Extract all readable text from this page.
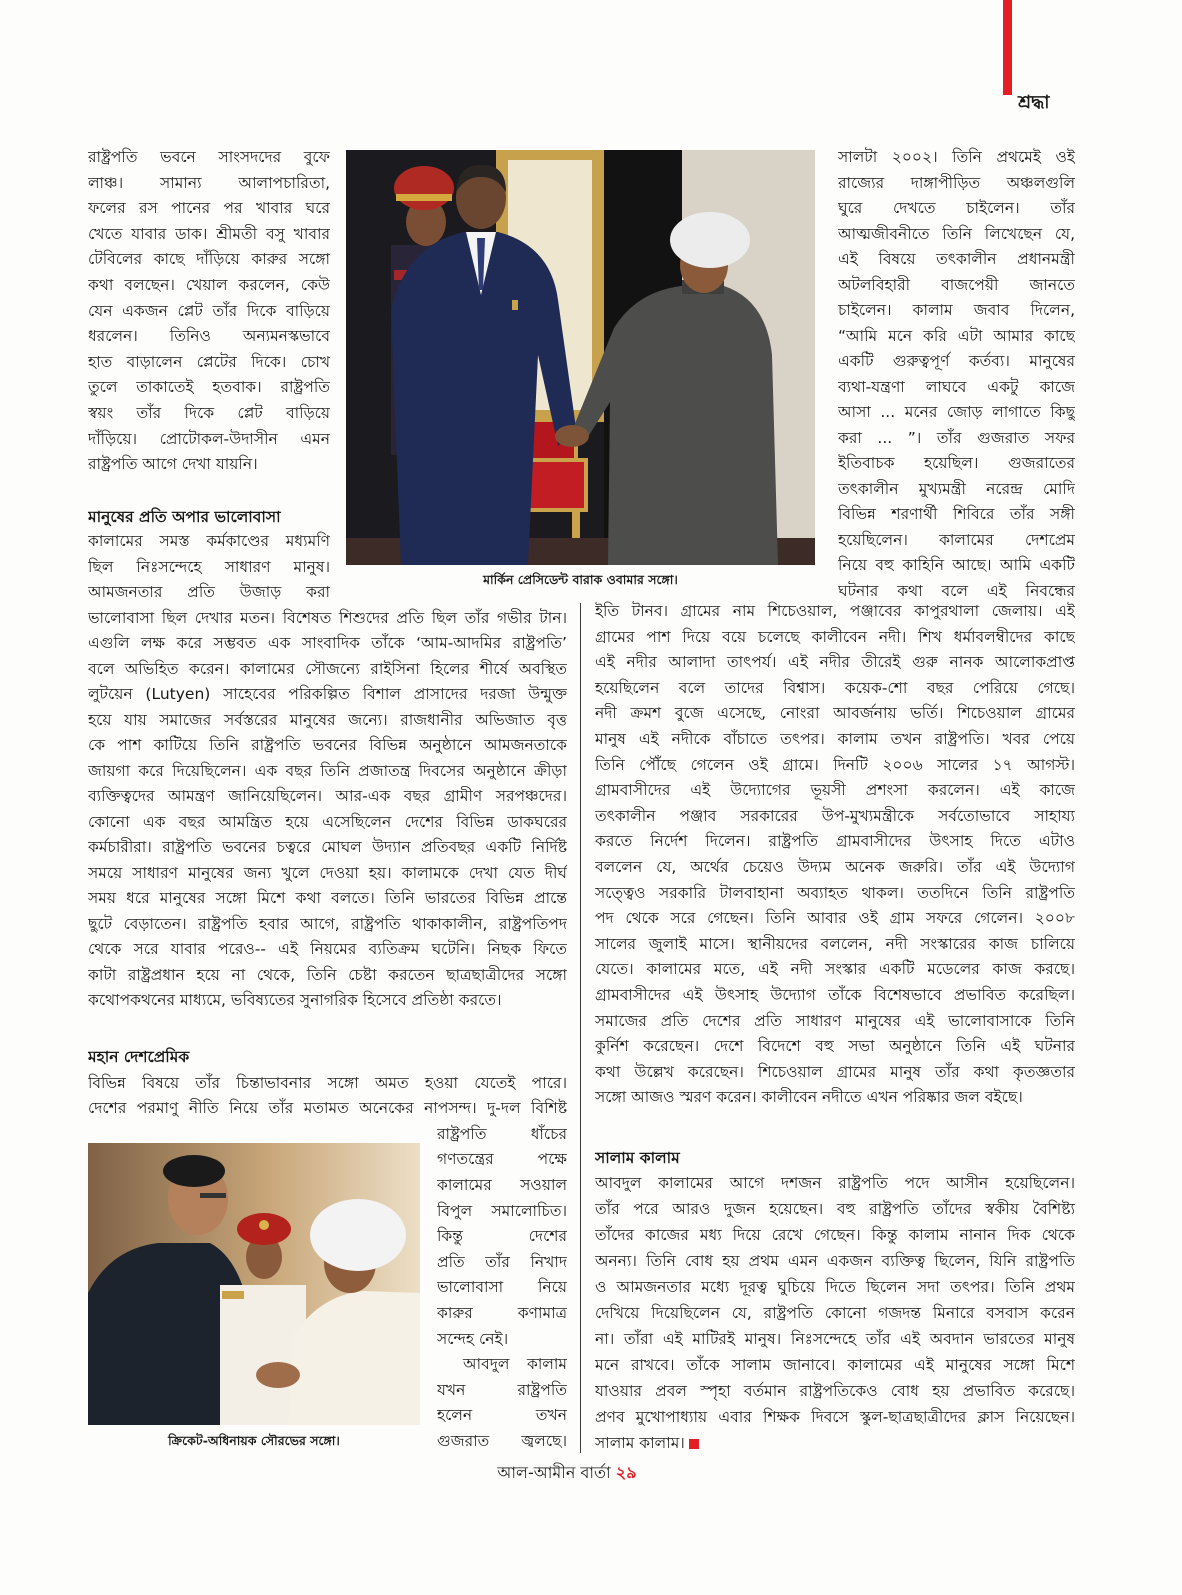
শ্রদ্ধা
রাষ্ট্রপতি ভবনে সাংসদদের বুফে
লাঞ্চ। সামান্য আলাপচারিতা,
ফলের রস পানের পর খাবার ঘরে
খেতে যাবার ডাক। শ্রীমতী বসু খাবার
টেবিলের কাছে দাঁড়িয়ে কারুর সঙ্গো
কথা বলছেন। খেয়াল করলেন, কেউ
যেন একজন প্লেট তাঁর দিকে বাড়িয়ে
ধরলেন। তিনিও অন্যমনস্কভাবে
হাত বাড়ালেন প্লেটের দিকে। চোখ
তুলে তাকাতেই হতবাক। রাষ্ট্রপতি
স্বয়ং তাঁর দিকে প্লেট বাড়িয়ে
দাঁড়িয়ে। প্রোটোকল-উদাসীন এমন
রাষ্ট্রপতি আগে দেখা যায়নি।
মার্কিন প্রেসিডেন্ট বারাক ওবামার সঙ্গো।
সালটা ২০০২। তিনি প্রথমেই ওই
রাজ্যের দাঙ্গাপীড়িত অঞ্চলগুলি
ঘুরে দেখতে চাইলেন। তাঁর
আত্মজীবনীতে তিনি লিখেছেন যে,
এই বিষয়ে তৎকালীন প্রধানমন্ত্রী
অটলবিহারী বাজপেয়ী জানতে
চাইলেন। কালাম জবাব দিলেন,
“আমি মনে করি এটা আমার কাছে
একটি গুরুত্বপূর্ণ কর্তব্য। মানুষের
ব্যথা-যন্ত্রণা লাঘবে একটু কাজে
আসা ... মনের জোড় লাগাতে কিছু
করা ... ”। তাঁর গুজরাত সফর
ইতিবাচক হয়েছিল। গুজরাতের
তৎকালীন মুখ্যমন্ত্রী নরেন্দ্র মোদি
বিভিন্ন শরণার্থী শিবিরে তাঁর সঙ্গী
হয়েছিলেন। কালামের দেশপ্রেম
নিয়ে বহু কাহিনি আছে। আমি একটি
ঘটনার কথা বলে এই নিবন্ধের
মানুষের প্রতি অপার ভালোবাসা
কালামের সমস্ত কর্মকাণ্ডের মধ্যমণি
ছিল নিঃসন্দেহে সাধারণ মানুষ।
আমজনতার প্রতি উজাড় করা
ভালোবাসা ছিল দেখার মতন। বিশেষত শিশুদের প্রতি ছিল তাঁর গভীর টান।
এগুলি লক্ষ করে সম্ভবত এক সাংবাদিক তাঁকে ‘আম-আদমির রাষ্ট্রপতি’
বলে অভিহিত করেন। কালামের সৌজন্যে রাইসিনা হিলের শীর্ষে অবস্থিত
লুটয়েন (Lutyen) সাহেবের পরিকল্পিত বিশাল প্রাসাদের দরজা উন্মুক্ত
হয়ে যায় সমাজের সর্বস্তরের মানুষের জন্যে। রাজধানীর অভিজাত বৃত্ত
কে পাশ কাটিয়ে তিনি রাষ্ট্রপতি ভবনের বিভিন্ন অনুষ্ঠানে আমজনতাকে
জায়গা করে দিয়েছিলেন। এক বছর তিনি প্রজাতন্ত্র দিবসের অনুষ্ঠানে ক্রীড়া
ব্যক্তিত্বদের আমন্ত্রণ জানিয়েছিলেন। আর-এক বছর গ্রামীণ সরপঞ্চদের।
কোনো এক বছর আমন্ত্রিত হয়ে এসেছিলেন দেশের বিভিন্ন ডাকঘরের
কর্মচারীরা। রাষ্ট্রপতি ভবনের চত্বরে মোঘল উদ্যান প্রতিবছর একটি নির্দিষ্ট
সময়ে সাধারণ মানুষের জন্য খুলে দেওয়া হয়। কালামকে দেখা যেত দীর্ঘ
সময় ধরে মানুষের সঙ্গো মিশে কথা বলতে। তিনি ভারতের বিভিন্ন প্রান্তে
ছুটে বেড়াতেন। রাষ্ট্রপতি হবার আগে, রাষ্ট্রপতি থাকাকালীন, রাষ্ট্রপতিপদ
থেকে সরে যাবার পরেও-- এই নিয়মের ব্যতিক্রম ঘটেনি। নিছক ফিতে
কাটা রাষ্ট্রপ্রধান হয়ে না থেকে, তিনি চেষ্টা করতেন ছাত্রছাত্রীদের সঙ্গো
কথোপকথনের মাধ্যমে, ভবিষ্যতের সুনাগরিক হিসেবে প্রতিষ্ঠা করতে।
ইতি টানব। গ্রামের নাম শিচেওয়াল, পঞ্জাবের কাপুরথালা জেলায়। এই
গ্রামের পাশ দিয়ে বয়ে চলেছে কালীবেন নদী। শিখ ধর্মাবলম্বীদের কাছে
এই নদীর আলাদা তাৎপর্য। এই নদীর তীরেই গুরু নানক আলোকপ্রাপ্ত
হয়েছিলেন বলে তাদের বিশ্বাস। কয়েক-শো বছর পেরিয়ে গেছে।
নদী ক্রমশ বুজে এসেছে, নোংরা আবর্জনায় ভর্তি। শিচেওয়াল গ্রামের
মানুষ এই নদীকে বাঁচাতে তৎপর। কালাম তখন রাষ্ট্রপতি। খবর পেয়ে
তিনি পৌঁছে গেলেন ওই গ্রামে। দিনটি ২০০৬ সালের ১৭ আগস্ট।
গ্রামবাসীদের এই উদ্যোগের ভূয়সী প্রশংসা করলেন। এই কাজে
তৎকালীন পঞ্জাব সরকারের উপ-মুখ্যমন্ত্রীকে সর্বতোভাবে সাহায্য
করতে নির্দেশ দিলেন। রাষ্ট্রপতি গ্রামবাসীদের উৎসাহ দিতে এটাও
বললেন যে, অর্থের চেয়েও উদ্যম অনেক জরুরি। তাঁর এই উদ্যোগ
সত্ত্বেও সরকারি টালবাহানা অব্যাহত থাকল। ততদিনে তিনি রাষ্ট্রপতি
পদ থেকে সরে গেছেন। তিনি আবার ওই গ্রাম সফরে গেলেন। ২০০৮
সালের জুলাই মাসে। স্থানীয়দের বললেন, নদী সংস্কারের কাজ চালিয়ে
যেতে। কালামের মতে, এই নদী সংস্কার একটি মডেলের কাজ করছে।
গ্রামবাসীদের এই উৎসাহ উদ্যোগ তাঁকে বিশেষভাবে প্রভাবিত করেছিল।
সমাজের প্রতি দেশের প্রতি সাধারণ মানুষের এই ভালোবাসাকে তিনি
কুর্নিশ করেছেন। দেশে বিদেশে বহু সভা অনুষ্ঠানে তিনি এই ঘটনার
কথা উল্লেখ করেছেন। শিচেওয়াল গ্রামের মানুষ তাঁর কথা কৃতজ্ঞতার
সঙ্গো আজও স্মরণ করেন। কালীবেন নদীতে এখন পরিষ্কার জল বইছে।
মহান দেশপ্রেমিক
বিভিন্ন বিষয়ে তাঁর চিন্তাভাবনার সঙ্গো অমত হওয়া যেতেই পারে।
দেশের পরমাণু নীতি নিয়ে তাঁর মতামত অনেকের নাপসন্দ। দু-দল বিশিষ্ট
রাষ্ট্রপতি ধাঁচের
গণতন্ত্রের পক্ষে
কালামের সওয়াল
বিপুল সমালোচিত।
কিন্তু দেশের
প্রতি তাঁর নিখাদ
ভালোবাসা নিয়ে
কারুর কণামাত্র
সন্দেহ নেই।
আবদুল কালাম
যখন রাষ্ট্রপতি
হলেন তখন
গুজরাত জ্বলছে।
ক্রিকেট-অধিনায়ক সৌরভের সঙ্গো।
সালাম কালাম
আবদুল কালামের আগে দশজন রাষ্ট্রপতি পদে আসীন হয়েছিলেন।
তাঁর পরে আরও দুজন হয়েছেন। বহু রাষ্ট্রপতি তাঁদের স্বকীয় বৈশিষ্ট্য
তাঁদের কাজের মধ্য দিয়ে রেখে গেছেন। কিন্তু কালাম নানান দিক থেকে
অনন্য। তিনি বোধ হয় প্রথম এমন একজন ব্যক্তিত্ব ছিলেন, যিনি রাষ্ট্রপতি
ও আমজনতার মধ্যে দূরত্ব ঘুচিয়ে দিতে ছিলেন সদা তৎপর। তিনি প্রথম
দেখিয়ে দিয়েছিলেন যে, রাষ্ট্রপতি কোনো গজদন্ত মিনারে বসবাস করেন
না। তাঁরা এই মাটিরই মানুষ। নিঃসন্দেহে তাঁর এই অবদান ভারতের মানুষ
মনে রাখবে। তাঁকে সালাম জানাবে। কালামের এই মানুষের সঙ্গো মিশে
যাওয়ার প্রবল স্পৃহা বর্তমান রাষ্ট্রপতিকেও বোধ হয় প্রভাবিত করেছে।
প্রণব মুখোপাধ্যায় এবার শিক্ষক দিবসে স্কুল-ছাত্রছাত্রীদের ক্লাস নিয়েছেন।
সালাম কালাম।
আল-আমীন বার্তা ২৯
